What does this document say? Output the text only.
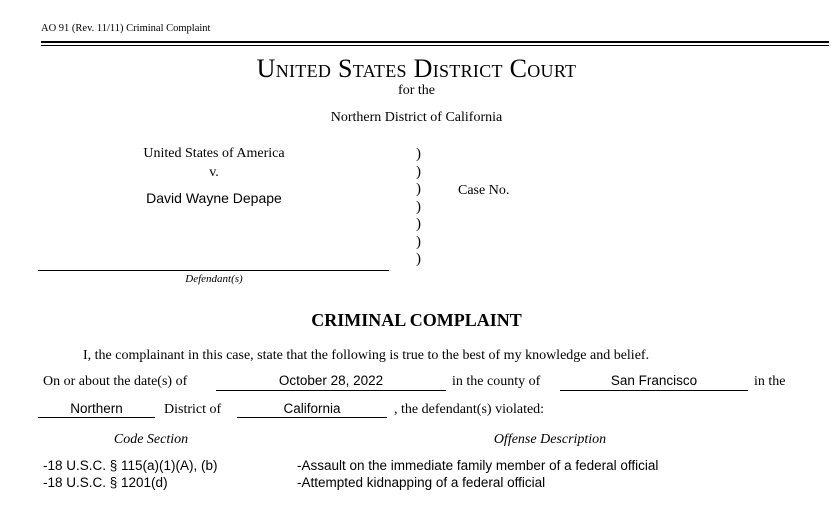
AO 91 (Rev. 11/11) Criminal Complaint
United States District Court
for the
Northern District of California
United States of America
v.
David Wayne Depape
Defendant(s)
)
)
)
)
)
)
)
Case No.
CRIMINAL COMPLAINT
I, the complainant in this case, state that the following is true to the best of my knowledge and belief.
On or about the date(s) of	October 28, 2022	in the county of	San Francisco	in the
Northern	District of	California	, the defendant(s) violated:
Code Section	Offense Description
-18 U.S.C. § 115(a)(1)(A), (b)	-Assault on the immediate family member of a federal official
-18 U.S.C. § 1201(d)	-Attempted kidnapping of a federal official
